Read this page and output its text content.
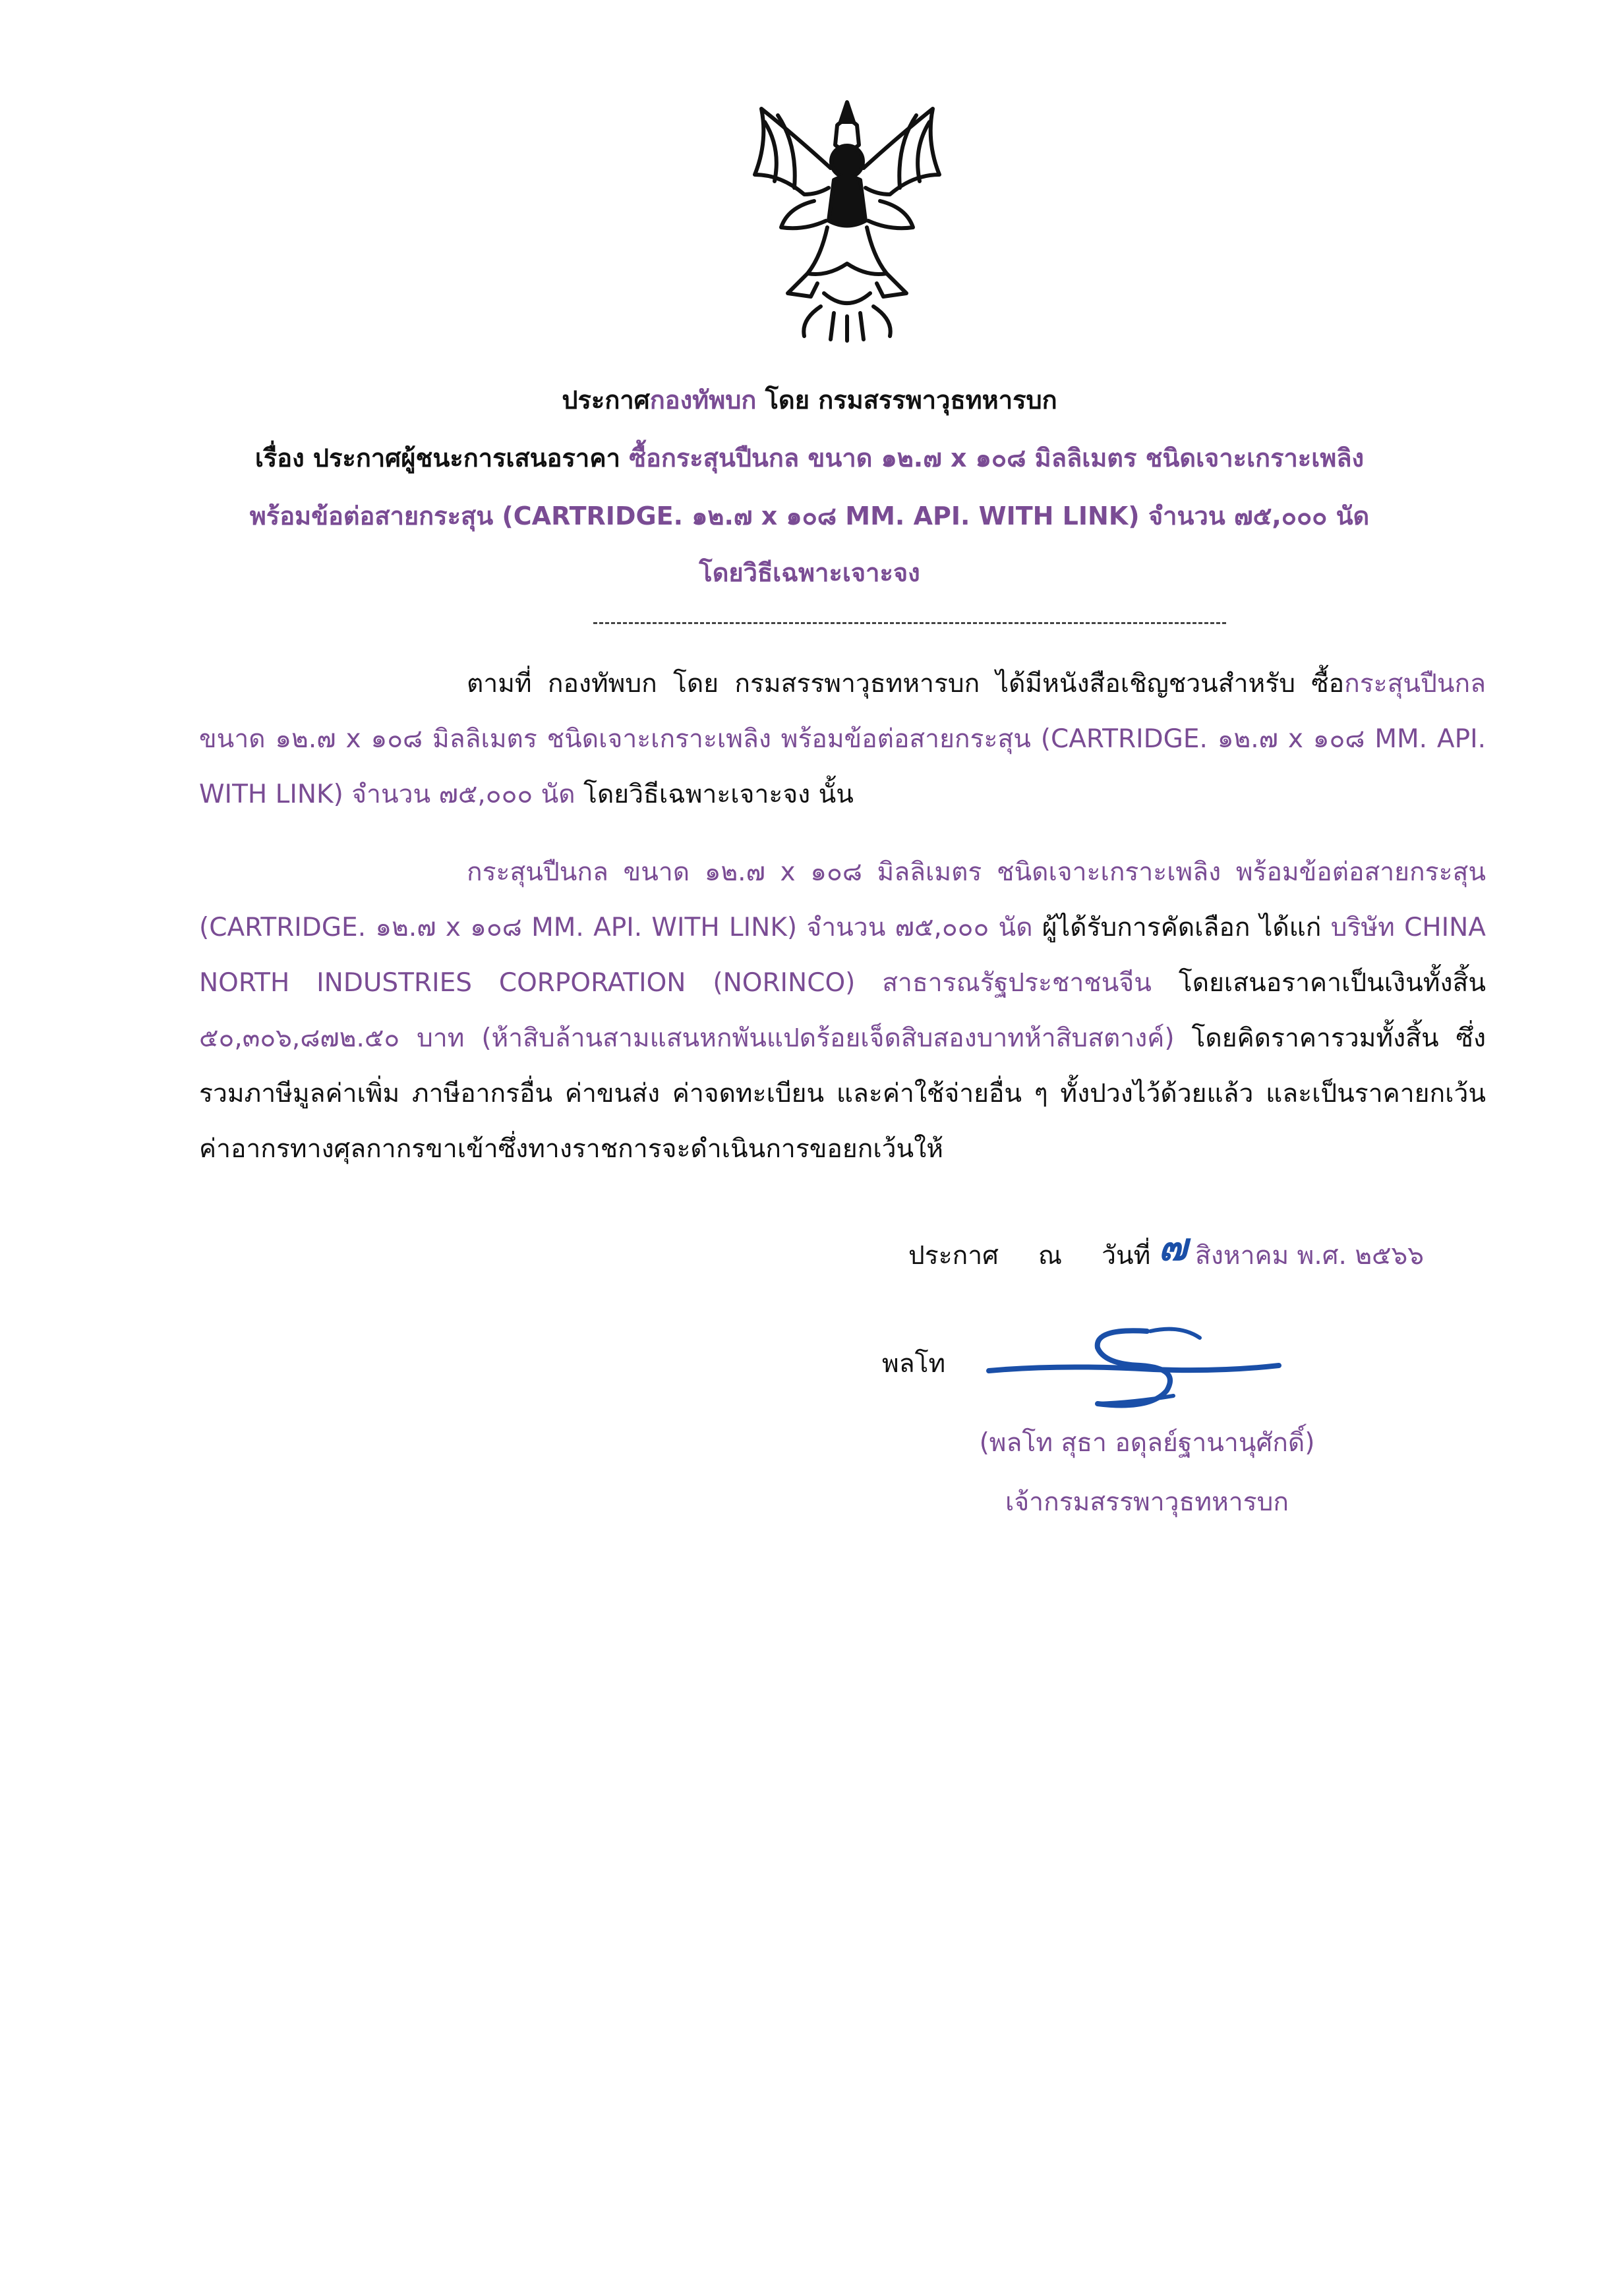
ประกาศกองทัพบก โดย กรมสรรพาวุธทหารบก
เรื่อง ประกาศผู้ชนะการเสนอราคา ซื้อกระสุนปืนกล ขนาด ๑๒.๗ x ๑๐๘ มิลลิเมตร ชนิดเจาะเกราะเพลิง
พร้อมข้อต่อสายกระสุน (CARTRIDGE. ๑๒.๗ x ๑๐๘ MM. API. WITH LINK) จำนวน ๗๕,๐๐๐ นัด
โดยวิธีเฉพาะเจาะจง
ตามที่ กองทัพบก โดย กรมสรรพาวุธทหารบก ได้มีหนังสือเชิญชวนสำหรับ ซื้อกระสุนปืนกล ขนาด ๑๒.๗ x ๑๐๘ มิลลิเมตร ชนิดเจาะเกราะเพลิง พร้อมข้อต่อสายกระสุน (CARTRIDGE. ๑๒.๗ x ๑๐๘ MM. API. WITH LINK) จำนวน ๗๕,๐๐๐ นัด โดยวิธีเฉพาะเจาะจง นั้น
กระสุนปืนกล ขนาด ๑๒.๗ x ๑๐๘ มิลลิเมตร ชนิดเจาะเกราะเพลิง พร้อมข้อต่อสายกระสุน (CARTRIDGE. ๑๒.๗ x ๑๐๘ MM. API. WITH LINK) จำนวน ๗๕,๐๐๐ นัด ผู้ได้รับการคัดเลือก ได้แก่ บริษัท CHINA NORTH INDUSTRIES CORPORATION (NORINCO) สาธารณรัฐประชาชนจีน โดยเสนอราคาเป็นเงินทั้งสิ้น ๕๐,๓๐๖,๘๗๒.๕๐ บาท (ห้าสิบล้านสามแสนหกพันแปดร้อยเจ็ดสิบสองบาทห้าสิบสตางค์) โดยคิดราคารวมทั้งสิ้น ซึ่งรวมภาษีมูลค่าเพิ่ม ภาษีอากรอื่น ค่าขนส่ง ค่าจดทะเบียน และค่าใช้จ่ายอื่น ๆ ทั้งปวงไว้ด้วยแล้ว และเป็นราคายกเว้นค่าอากรทางศุลกากรขาเข้าซึ่งทางราชการจะดำเนินการขอยกเว้นให้
ประกาศ ณ วันที่ ๗ สิงหาคม พ.ศ. ๒๕๖๖
พลโท
(พลโท สุธา อดุลย์ฐานานุศักดิ์)
เจ้ากรมสรรพาวุธทหารบก
